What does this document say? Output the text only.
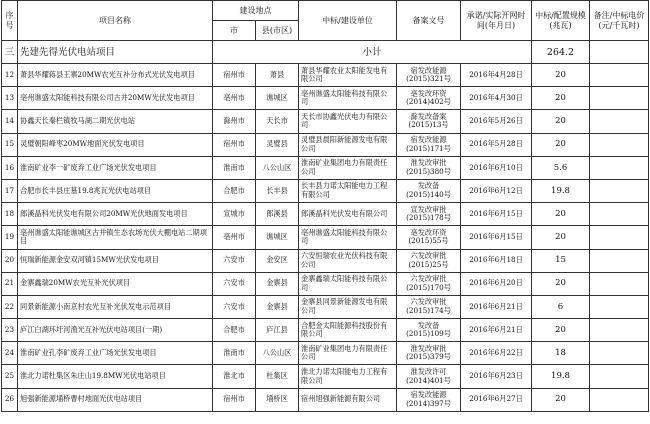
序号	项目名称	建设地点		中标/建设单位	备案文号	承诺/实际开网时间(年月日)	中标/配置规模(兆瓦)	备注/中标电价(元/千瓦时)
		市	县(市区)					
三	先建先得光伏电站项目	小计					264.2	
12	萧县华耀蒋县王寨20MW农光互补分布式光伏发电项目	宿州市	萧县	萧县华耀农业太阳能发电有限公司	宿发改能源(2015)321号	2016年4月28日	20	
13	亳州谯盛太阳能科技有限公司古井20MW光伏发电项目	亳州市	谯城区	亳州谯盛太阳能科技有限公司	亳发改环资(2014)402号	2016年4月30日	20	
14	协鑫天长秦栏镇牧马湖二期光伏电站	滁州市	天长市	天长市协鑫光伏电力有限公司	滁发改备案(2015)13号	2016年5月26日	20	
15	灵璧朝阳峰枣20MW地面光伏发电项目	宿州市	灵璧县	灵璧县晨阳新能源发电有限公司	宿发改能源(2015)171号	2016年5月28日	20	
16	淮南矿业李一矿废弃工业广场光伏发电项目	淮南市	八公山区	淮南矿业集团电力有限责任公司	淮发改审批(2015)380号	2016年6月10日	5.6	
17	合肥市长丰县庄墓19.8兆瓦光伏电站项目	合肥市	长丰县	长丰县力诺太阳能电力工程有限公司	发改备(2015)140号	2016年6月12日	19.8	
18	郎溪晶科光伏发电有限公司20MW光伏地面发电项目	宣城市	郎溪县	郎溪晶科光伏发电有限公司	宣发改审批(2015)178号	2016年6月15日	20	
19	亳州谯盛太阳能谯城区古井镇生态农场光伏大棚电站二期项目	亳州市	谯城区	亳州谯盛太阳能科技有限公司	亳发改环资(2015)55号	2016年6月15日	20	
20	恒瑞新能源金安双河镇15MW光伏发电项目	六安市	金安区	六安恒瑞农业光伏科技有限公司	六发改审批(2015)25号	2016年6月18日	15	
21	金寨鑫瑞20MW农光互补光伏项目	六安市	金寨县	金寨鑫瑞太阳能科技有限公司	六发改审批(2015)170号	2016年6月20日	20	
22	同景新能源小南京村农光互补光伏发电示范项目	六安市	金寨县	金寨县同景新能源发电有限公司	六发改审批(2015)174号	2016年6月21日	6	
23	庐江白湖环圩河渔光互补光伏电站项目(一期)	合肥市	庐江县	合肥金太阳能源科技股份有限公司	发改备(2015)109号	2016年6月21日	20	
24	淮南矿业孔李矿废弃工业广场光伏发电项目	淮南市	八公山区	淮南矿业集团电力有限责任公司	淮发改审批(2015)379号	2016年6月22日	18	
25	淮北力诺杜集区朱庄山19.8MW光伏电站项目	淮北市	杜集区	淮北力诺太阳能电力工程有限公司	淮发改许可(2014)401号	2016年6月23日	19.8	
26	旭强新能源埇桥曹村地面光伏电站项目	宿州市	埇桥区	宿州旭强新能源有限公司	宿发改能源(2014)397号	2016年6月27日	20	
